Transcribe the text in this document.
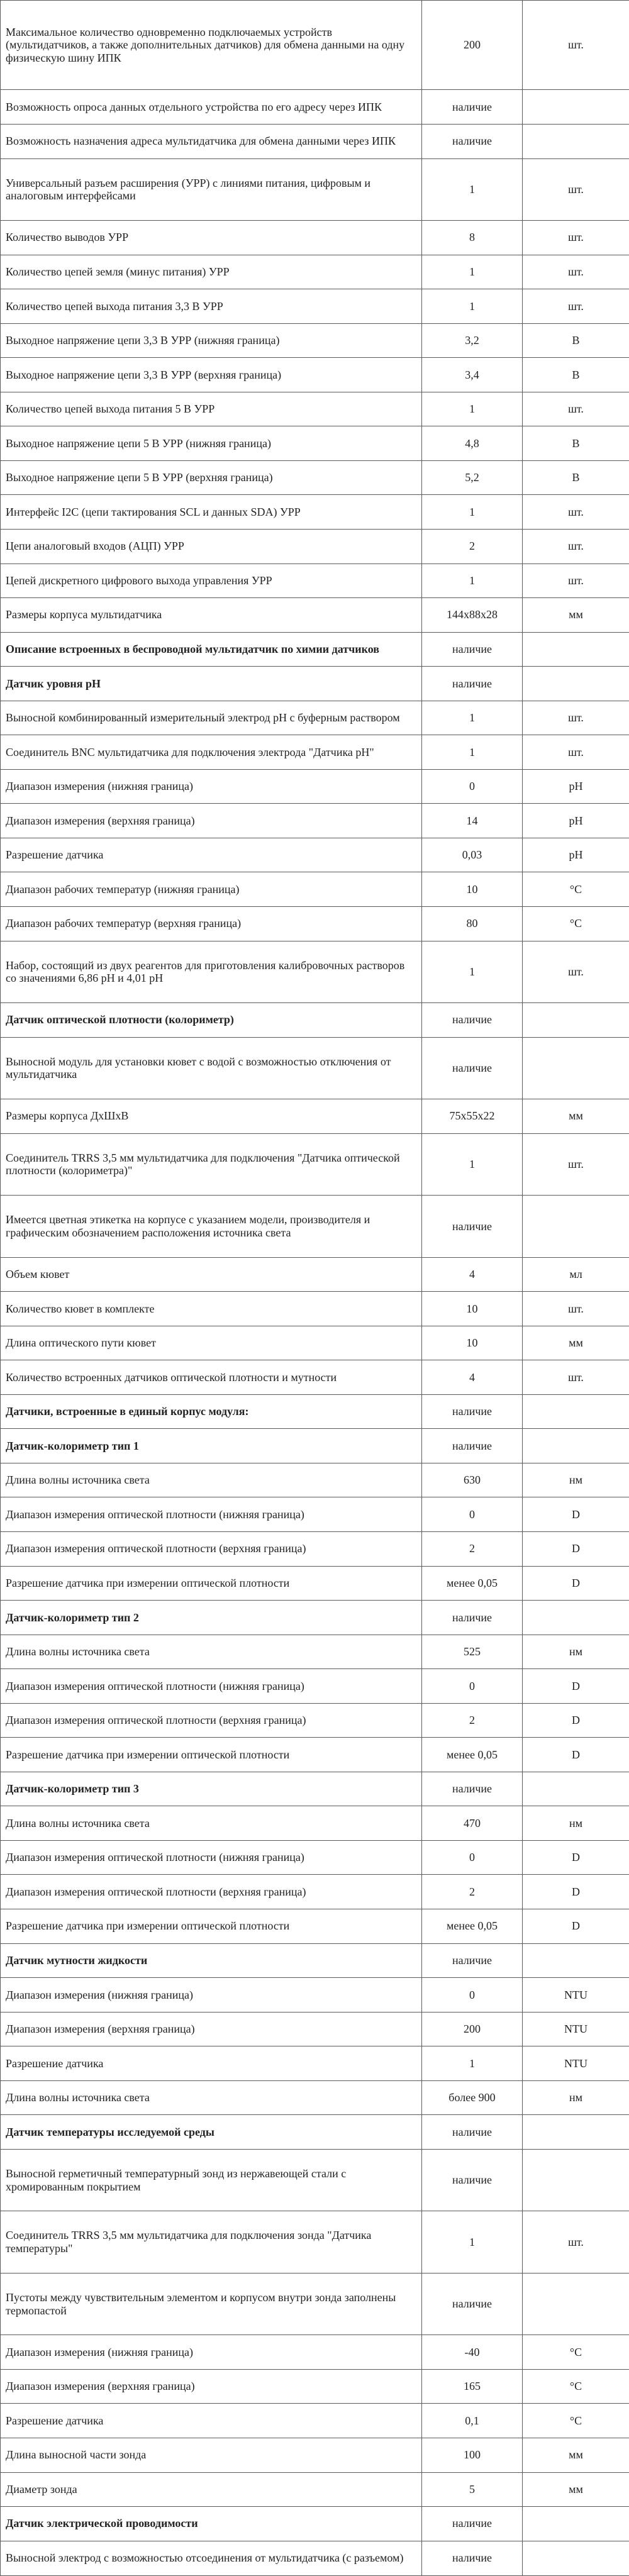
Максимальное количество одновременно подключаемых устройств (мультидатчиков, а также дополнительных датчиков) для обмена данными на одну физическую шину ИПК	200	шт.
Возможность опроса данных отдельного устройства по его адресу через ИПК	наличие	
Возможность назначения адреса мультидатчика для обмена данными через ИПК	наличие	
Универсальный разъем расширения (УРР) с линиями питания, цифровым и аналоговым интерфейсами	1	шт.
Количество выводов УРР	8	шт.
Количество цепей земля (минус питания) УРР	1	шт.
Количество цепей выхода питания 3,3 В УРР	1	шт.
Выходное напряжение цепи 3,3 В УРР (нижняя граница)	3,2	В
Выходное напряжение цепи 3,3 В УРР (верхняя граница)	3,4	В
Количество цепей выхода питания 5 В УРР	1	шт.
Выходное напряжение цепи 5 В УРР (нижняя граница)	4,8	В
Выходное напряжение цепи 5 В УРР (верхняя граница)	5,2	В
Интерфейс I2C (цепи тактирования SCL и данных SDA) УРР	1	шт.
Цепи аналоговый входов (АЦП) УРР	2	шт.
Цепей дискретного цифрового выхода управления УРР	1	шт.
Размеры корпуса мультидатчика	144х88х28	мм
Описание встроенных в беспроводной мультидатчик по химии датчиков	наличие	
Датчик уровня pH	наличие	
Выносной комбинированный измерительный электрод pH с буферным раствором	1	шт.
Соединитель BNC мультидатчика для подключения электрода "Датчика pH"	1	шт.
Диапазон измерения (нижняя граница)	0	pH
Диапазон измерения (верхняя граница)	14	pH
Разрешение датчика	0,03	pH
Диапазон рабочих температур (нижняя граница)	10	°C
Диапазон рабочих температур (верхняя граница)	80	°C
Набор, состоящий из двух реагентов для приготовления калибровочных растворов со значениями 6,86 pH и 4,01 pH	1	шт.
Датчик оптической плотности (колориметр)	наличие	
Выносной модуль для установки кювет с водой с возможностью отключения от мультидатчика	наличие	
Размеры корпуса ДхШхВ	75х55х22	мм
Соединитель TRRS 3,5 мм мультидатчика для подключения "Датчика оптической плотности (колориметра)"	1	шт.
Имеется цветная этикетка на корпусе с указанием модели, производителя и графическим обозначением расположения источника света	наличие	
Объем кювет	4	мл
Количество кювет в комплекте	10	шт.
Длина оптического пути кювет	10	мм
Количество встроенных датчиков оптической плотности и мутности	4	шт.
Датчики, встроенные в единый корпус модуля:	наличие	
Датчик-колориметр тип 1	наличие	
Длина волны источника света	630	нм
Диапазон измерения оптической плотности (нижняя граница)	0	D
Диапазон измерения оптической плотности (верхняя граница)	2	D
Разрешение датчика при измерении оптической плотности	менее 0,05	D
Датчик-колориметр тип 2	наличие	
Длина волны источника света	525	нм
Диапазон измерения оптической плотности (нижняя граница)	0	D
Диапазон измерения оптической плотности (верхняя граница)	2	D
Разрешение датчика при измерении оптической плотности	менее 0,05	D
Датчик-колориметр тип 3	наличие	
Длина волны источника света	470	нм
Диапазон измерения оптической плотности (нижняя граница)	0	D
Диапазон измерения оптической плотности (верхняя граница)	2	D
Разрешение датчика при измерении оптической плотности	менее 0,05	D
Датчик мутности жидкости	наличие	
Диапазон измерения (нижняя граница)	0	NTU
Диапазон измерения (верхняя граница)	200	NTU
Разрешение датчика	1	NTU
Длина волны источника света	более 900	нм
Датчик температуры исследуемой среды	наличие	
Выносной герметичный температурный зонд из нержавеющей стали с хромированным покрытием	наличие	
Соединитель TRRS 3,5 мм мультидатчика для подключения зонда "Датчика температуры"	1	шт.
Пустоты между чувствительным элементом и корпусом внутри зонда заполнены термопастой	наличие	
Диапазон измерения (нижняя граница)	-40	°C
Диапазон измерения (верхняя граница)	165	°C
Разрешение датчика	0,1	°C
Длина выносной части зонда	100	мм
Диаметр зонда	5	мм
Датчик электрической проводимости	наличие	
Выносной электрод с возможностью отсоединения от мультидатчика (с разъемом)	наличие	
